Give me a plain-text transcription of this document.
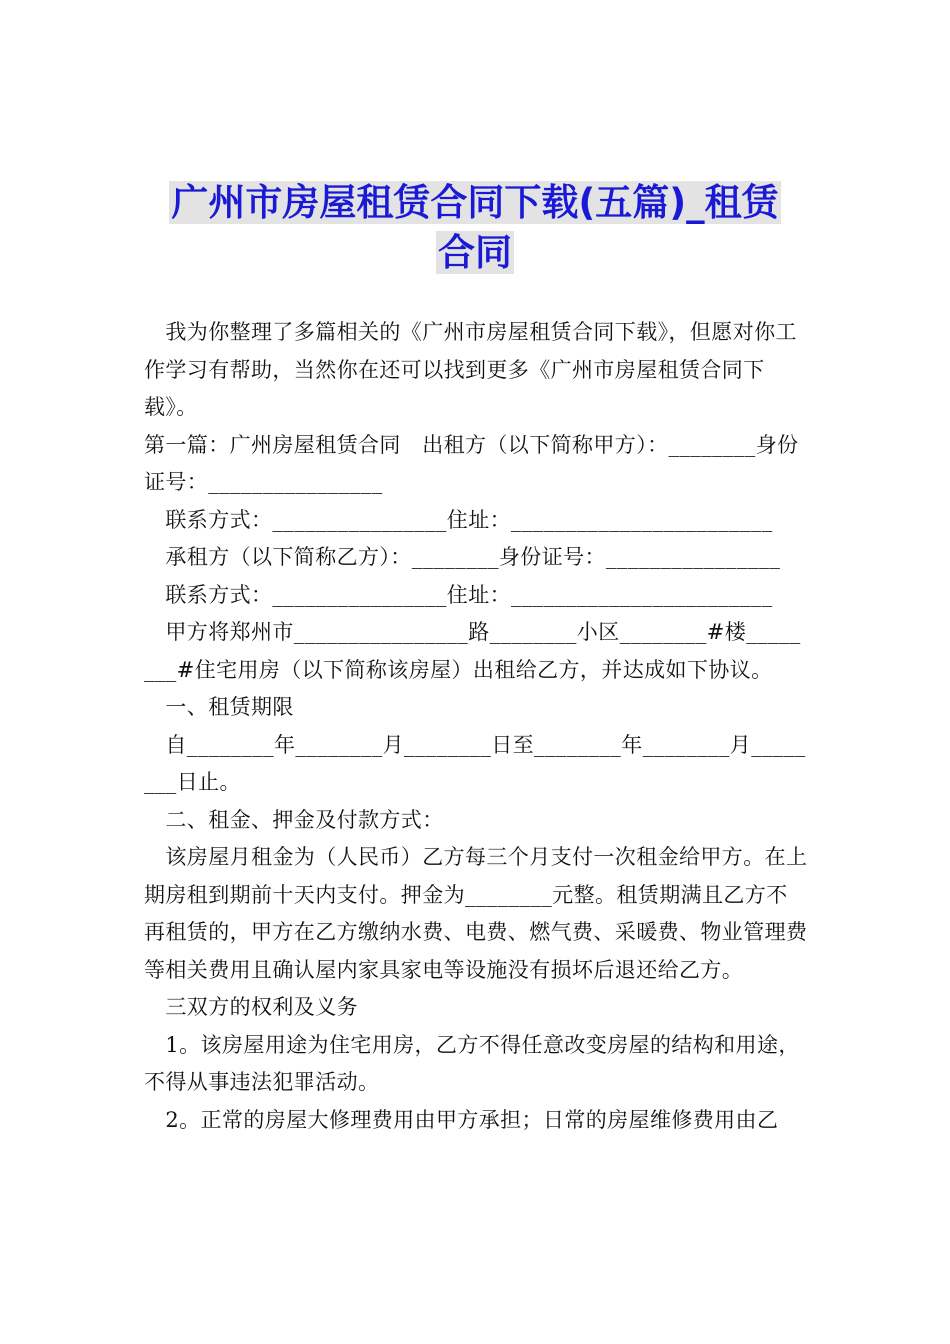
广州市房屋租赁合同下载(五篇)_租赁
合同

　我为你整理了多篇相关的《广州市房屋租赁合同下载》，但愿对你工作学习有帮助，当然你在还可以找到更多《广州市房屋租赁合同下载》。

第一篇：广州房屋租赁合同　出租方（以下简称甲方）：________身份证号：________________

　联系方式：________________住址：________________________

　承租方（以下简称乙方）：________身份证号：________________

　联系方式：________________住址：________________________

　甲方将郑州市________________路________小区________#楼________#住宅用房（以下简称该房屋）出租给乙方，并达成如下协议。

　一、租赁期限

　自________年________月________日至________年________月________日止。

　二、租金、押金及付款方式：

　该房屋月租金为（人民币）乙方每三个月支付一次租金给甲方。在上期房租到期前十天内支付。押金为________元整。租赁期满且乙方不再租赁的，甲方在乙方缴纳水费、电费、燃气费、采暖费、物业管理费等相关费用且确认屋内家具家电等设施没有损坏后退还给乙方。

　三双方的权利及义务

　1。该房屋用途为住宅用房，乙方不得任意改变房屋的结构和用途，不得从事违法犯罪活动。

　2。正常的房屋大修理费用由甲方承担；日常的房屋维修费用由乙
